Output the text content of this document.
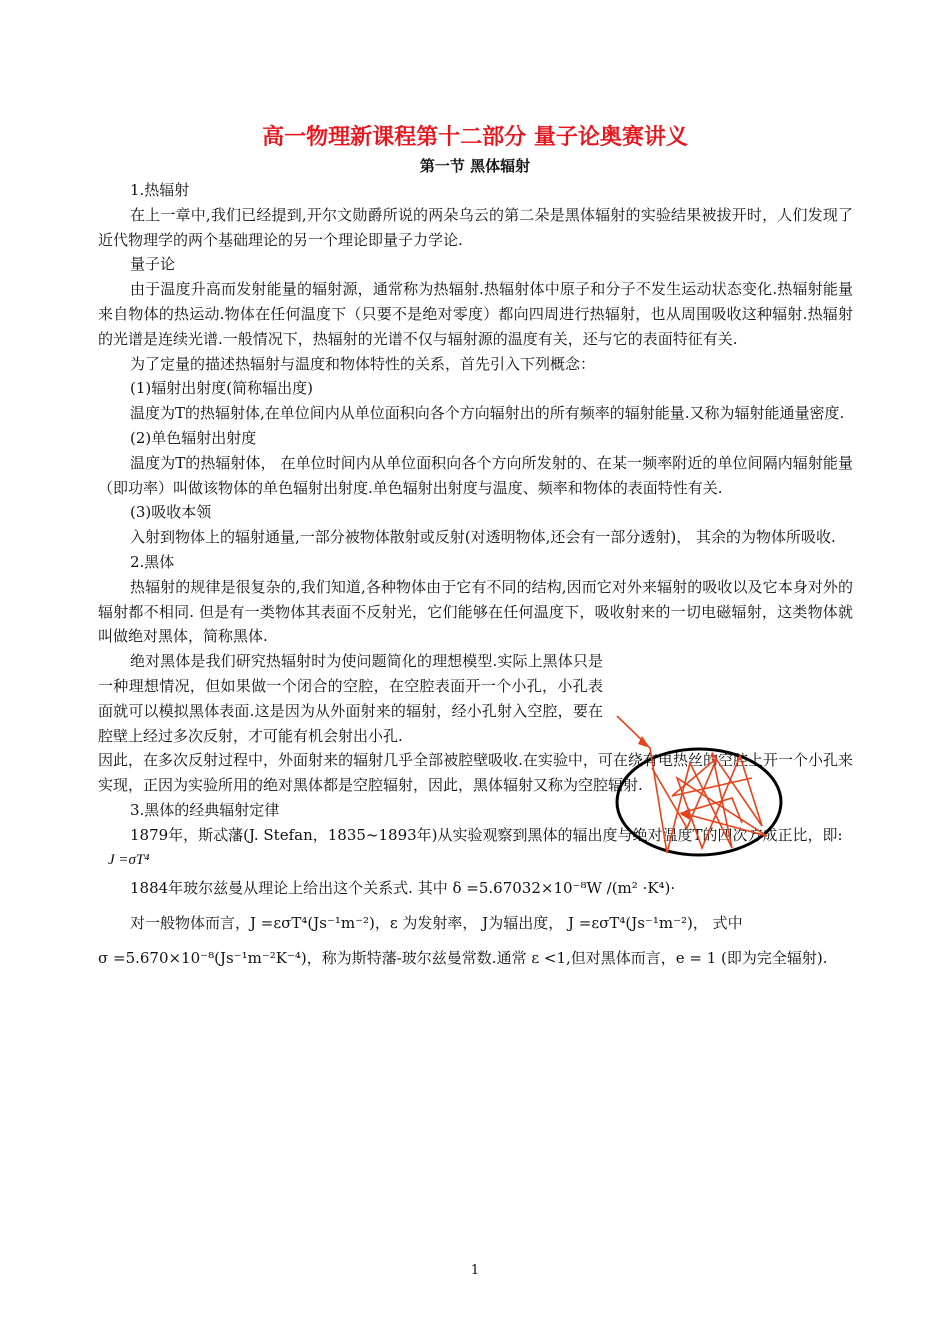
高一物理新课程第十二部分 量子论奥赛讲义
第一节 黑体辐射

1.热辐射

在上一章中,我们已经提到,开尔文勋爵所说的两朵乌云的第二朵是黑体辐射的实验结果被拔开时，人们发现了近代物理学的两个基础理论的另一个理论即量子力学论.

量子论

由于温度升高而发射能量的辐射源，通常称为热辐射.热辐射体中原子和分子不发生运动状态变化.热辐射能量来自物体的热运动.物体在任何温度下（只要不是绝对零度）都向四周进行热辐射，也从周围吸收这种辐射.热辐射的光谱是连续光谱.一般情况下，热辐射的光谱不仅与辐射源的温度有关，还与它的表面特征有关.

为了定量的描述热辐射与温度和物体特性的关系，首先引入下列概念：

(1)辐射出射度(简称辐出度)

温度为T的热辐射体,在单位间内从单位面积向各个方向辐射出的所有频率的辐射能量.又称为辐射能通量密度.

(2)单色辐射出射度

温度为T的热辐射体， 在单位时间内从单位面积向各个方向所发射的、在某一频率附近的单位间隔内辐射能量（即功率）叫做该物体的单色辐射出射度.单色辐射出射度与温度、频率和物体的表面特性有关.

(3)吸收本领

入射到物体上的辐射通量,一部分被物体散射或反射(对透明物体,还会有一部分透射)， 其余的为物体所吸收.

2.黑体

热辐射的规律是很复杂的,我们知道,各种物体由于它有不同的结构,因而它对外来辐射的吸收以及它本身对外的辐射都不相同. 但是有一类物体其表面不反射光，它们能够在任何温度下，吸收射来的一切电磁辐射，这类物体就叫做绝对黑体，简称黑体.

绝对黑体是我们研究热辐射时为使问题简化的理想模型.实际上黑体只是一种理想情况，但如果做一个闭合的空腔，在空腔表面开一个小孔，小孔表面就可以模拟黑体表面.这是因为从外面射来的辐射，经小孔射入空腔，要在腔壁上经过多次反射，才可能有机会射出小孔.

因此，在多次反射过程中，外面射来的辐射几乎全部被腔壁吸收.在实验中，可在绕有电热丝的空腔上开一个小孔来实现，正因为实验所用的绝对黑体都是空腔辐射，因此，黑体辐射又称为空腔辐射.

3.黑体的经典辐射定律

1879年，斯忒藩(J. Stefan，1835~1893年)从实验观察到黑体的辐出度与绝对温度T的四次方成正比，即:

J =σT⁴

1884年玻尔兹曼从理论上给出这个关系式. 其中 δ =5.67032×10⁻⁸W /(m² ·K⁴)·

对一般物体而言，J =εσT⁴(Js⁻¹m⁻²)，ε 为发射率， J为辐出度， J =εσT⁴(Js⁻¹m⁻²)， 式中

σ =5.670×10⁻⁸(Js⁻¹m⁻²K⁻⁴)，称为斯特藩-玻尔兹曼常数.通常 ε <1,但对黑体而言，e = 1 (即为完全辐射).

1
